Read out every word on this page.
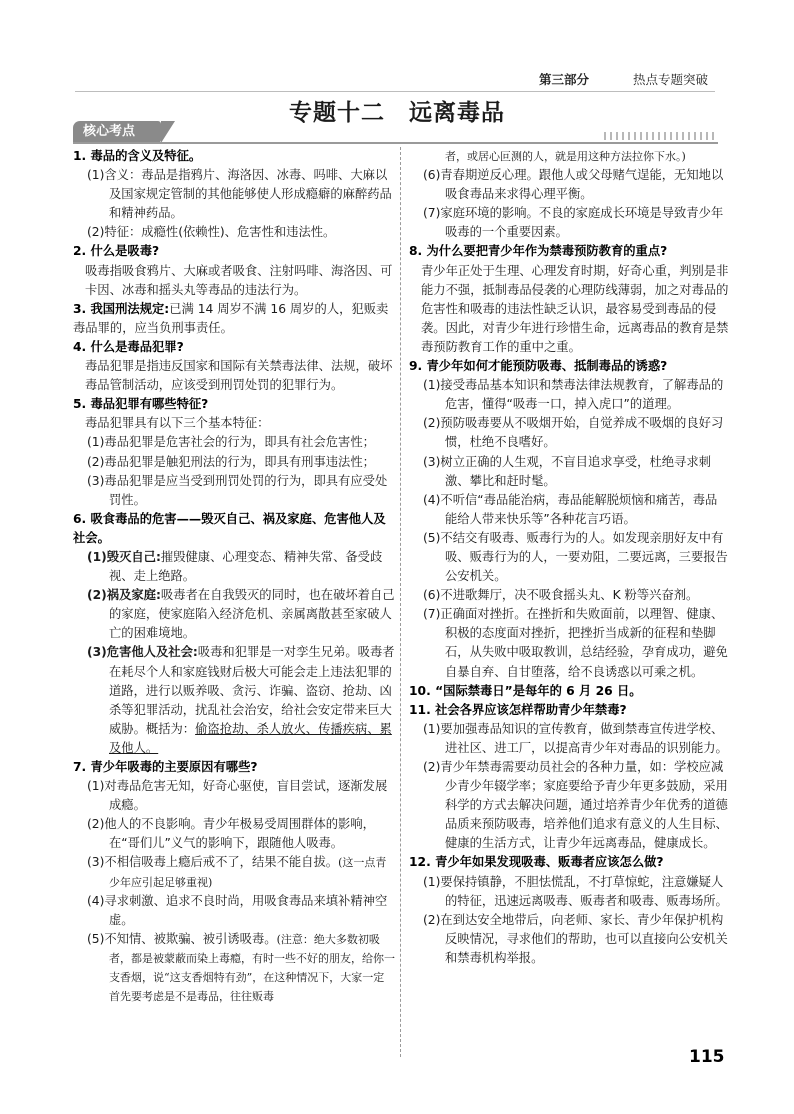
第三部分	热点专题突破
专题十二　远离毒品
核心考点
1. 毒品的含义及特征。
(1)含义：毒品是指鸦片、海洛因、冰毒、吗啡、大麻以及国家规定管制的其他能够使人形成瘾癖的麻醉药品和精神药品。
(2)特征：成瘾性(依赖性)、危害性和违法性。
2. 什么是吸毒?
吸毒指吸食鸦片、大麻或者吸食、注射吗啡、海洛因、可卡因、冰毒和摇头丸等毒品的违法行为。
3. 我国刑法规定:已满 14 周岁不满 16 周岁的人，犯贩卖毒品罪的，应当负刑事责任。
4. 什么是毒品犯罪?
毒品犯罪是指违反国家和国际有关禁毒法律、法规，破坏毒品管制活动，应该受到刑罚处罚的犯罪行为。
5. 毒品犯罪有哪些特征?
毒品犯罪具有以下三个基本特征：
(1)毒品犯罪是危害社会的行为，即具有社会危害性；
(2)毒品犯罪是触犯刑法的行为，即具有刑事违法性；
(3)毒品犯罪是应当受到刑罚处罚的行为，即具有应受处罚性。
6. 吸食毒品的危害——毁灭自己、祸及家庭、危害他人及社会。
(1)毁灭自己:摧毁健康、心理变态、精神失常、备受歧视、走上绝路。
(2)祸及家庭:吸毒者在自我毁灭的同时，也在破坏着自己的家庭，使家庭陷入经济危机、亲属离散甚至家破人亡的困难境地。
(3)危害他人及社会:吸毒和犯罪是一对孪生兄弟。吸毒者在耗尽个人和家庭钱财后极大可能会走上违法犯罪的道路，进行以贩养吸、贪污、诈骗、盗窃、抢劫、凶杀等犯罪活动，扰乱社会治安，给社会安定带来巨大威胁。概括为：偷盗抢劫、杀人放火、传播疾病、累及他人。
7. 青少年吸毒的主要原因有哪些?
(1)对毒品危害无知，好奇心驱使，盲目尝试，逐渐发展成瘾。
(2)他人的不良影响。青少年极易受周围群体的影响，在“哥们儿”义气的影响下，跟随他人吸毒。
(3)不相信吸毒上瘾后戒不了，结果不能自拔。(这一点青少年应引起足够重视)
(4)寻求刺激、追求不良时尚，用吸食毒品来填补精神空虚。
(5)不知情、被欺骗、被引诱吸毒。(注意：绝大多数初吸者，都是被蒙蔽而染上毒瘾，有时一些不好的朋友，给你一支香烟，说“这支香烟特有劲”，在这种情况下，大家一定首先要考虑是不是毒品，往往贩毒
者，或居心叵测的人，就是用这种方法拉你下水。)
(6)青春期逆反心理。跟他人或父母赌气逞能，无知地以吸食毒品来求得心理平衡。
(7)家庭环境的影响。不良的家庭成长环境是导致青少年吸毒的一个重要因素。
8. 为什么要把青少年作为禁毒预防教育的重点?
青少年正处于生理、心理发育时期，好奇心重，判别是非能力不强，抵制毒品侵袭的心理防线薄弱，加之对毒品的危害性和吸毒的违法性缺乏认识，最容易受到毒品的侵袭。因此，对青少年进行珍惜生命，远离毒品的教育是禁毒预防教育工作的重中之重。
9. 青少年如何才能预防吸毒、抵制毒品的诱惑?
(1)接受毒品基本知识和禁毒法律法规教育，了解毒品的危害，懂得“吸毒一口，掉入虎口”的道理。
(2)预防吸毒要从不吸烟开始，自觉养成不吸烟的良好习惯，杜绝不良嗜好。
(3)树立正确的人生观，不盲目追求享受，杜绝寻求刺激、攀比和赶时髦。
(4)不听信“毒品能治病，毒品能解脱烦恼和痛苦，毒品能给人带来快乐等”各种花言巧语。
(5)不结交有吸毒、贩毒行为的人。如发现亲朋好友中有吸、贩毒行为的人，一要劝阻，二要远离，三要报告公安机关。
(6)不进歌舞厅，决不吸食摇头丸、K 粉等兴奋剂。
(7)正确面对挫折。在挫折和失败面前，以理智、健康、积极的态度面对挫折，把挫折当成新的征程和垫脚石，从失败中吸取教训，总结经验，孕育成功，避免自暴自弃、自甘堕落，给不良诱惑以可乘之机。
10. “国际禁毒日”是每年的 6 月 26 日。
11. 社会各界应该怎样帮助青少年禁毒?
(1)要加强毒品知识的宣传教育，做到禁毒宣传进学校、进社区、进工厂，以提高青少年对毒品的识别能力。
(2)青少年禁毒需要动员社会的各种力量，如：学校应减少青少年辍学率；家庭要给予青少年更多鼓励，采用科学的方式去解决问题，通过培养青少年优秀的道德品质来预防吸毒，培养他们追求有意义的人生目标、健康的生活方式，让青少年远离毒品，健康成长。
12. 青少年如果发现吸毒、贩毒者应该怎么做?
(1)要保持镇静，不胆怯慌乱，不打草惊蛇，注意嫌疑人的特征，迅速远离吸毒、贩毒者和吸毒、贩毒场所。
(2)在到达安全地带后，向老师、家长、青少年保护机构反映情况，寻求他们的帮助，也可以直接向公安机关和禁毒机构举报。
115
